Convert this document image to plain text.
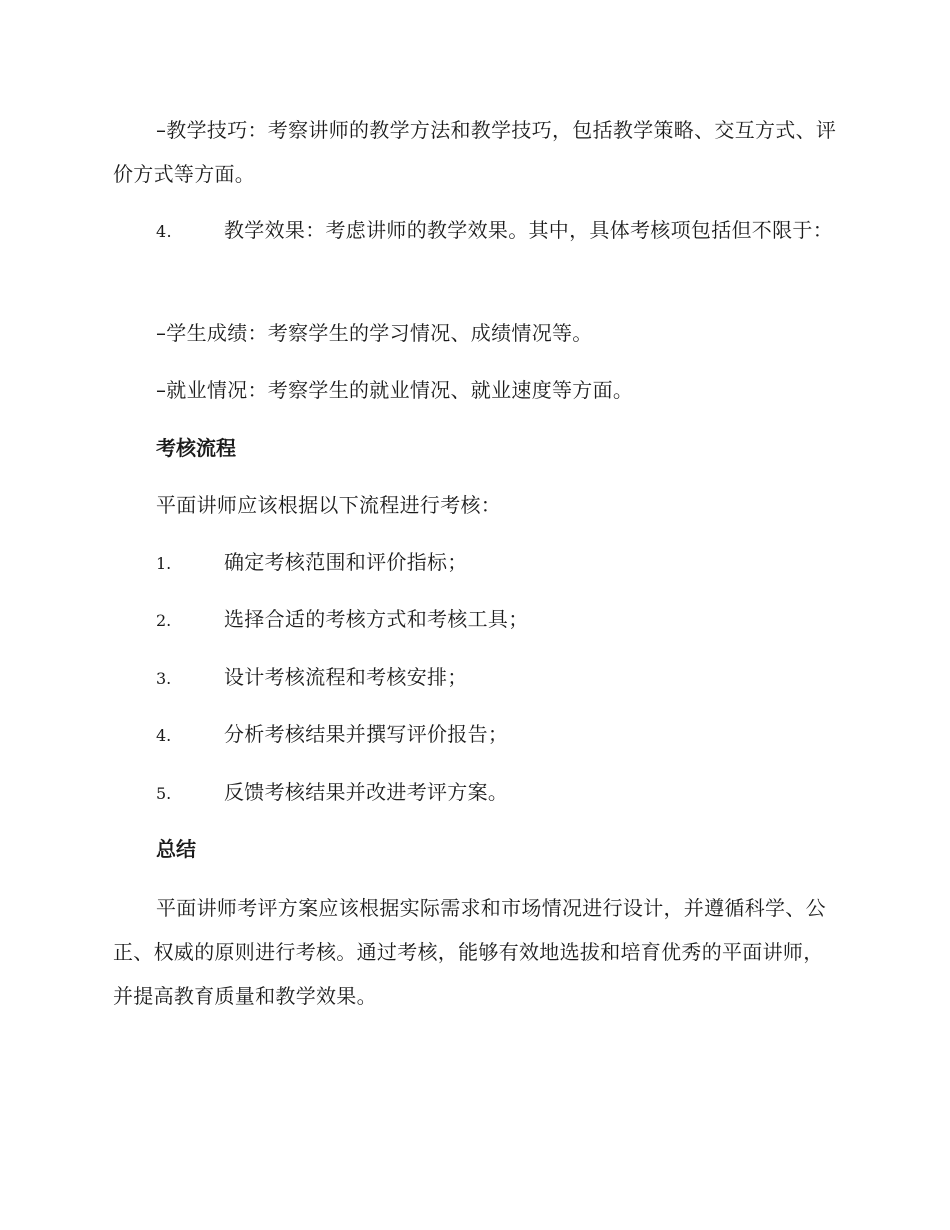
–教学技巧：考察讲师的教学方法和教学技巧，包括教学策略、交互方式、评价方式等方面。

4.	教学效果：考虑讲师的教学效果。其中，具体考核项包括但不限于：

–学生成绩：考察学生的学习情况、成绩情况等。

–就业情况：考察学生的就业情况、就业速度等方面。

考核流程

平面讲师应该根据以下流程进行考核：

1.	确定考核范围和评价指标；

2.	选择合适的考核方式和考核工具；

3.	设计考核流程和考核安排；

4.	分析考核结果并撰写评价报告；

5.	反馈考核结果并改进考评方案。

总结

平面讲师考评方案应该根据实际需求和市场情况进行设计，并遵循科学、公正、权威的原则进行考核。通过考核，能够有效地选拔和培育优秀的平面讲师，并提高教育质量和教学效果。
